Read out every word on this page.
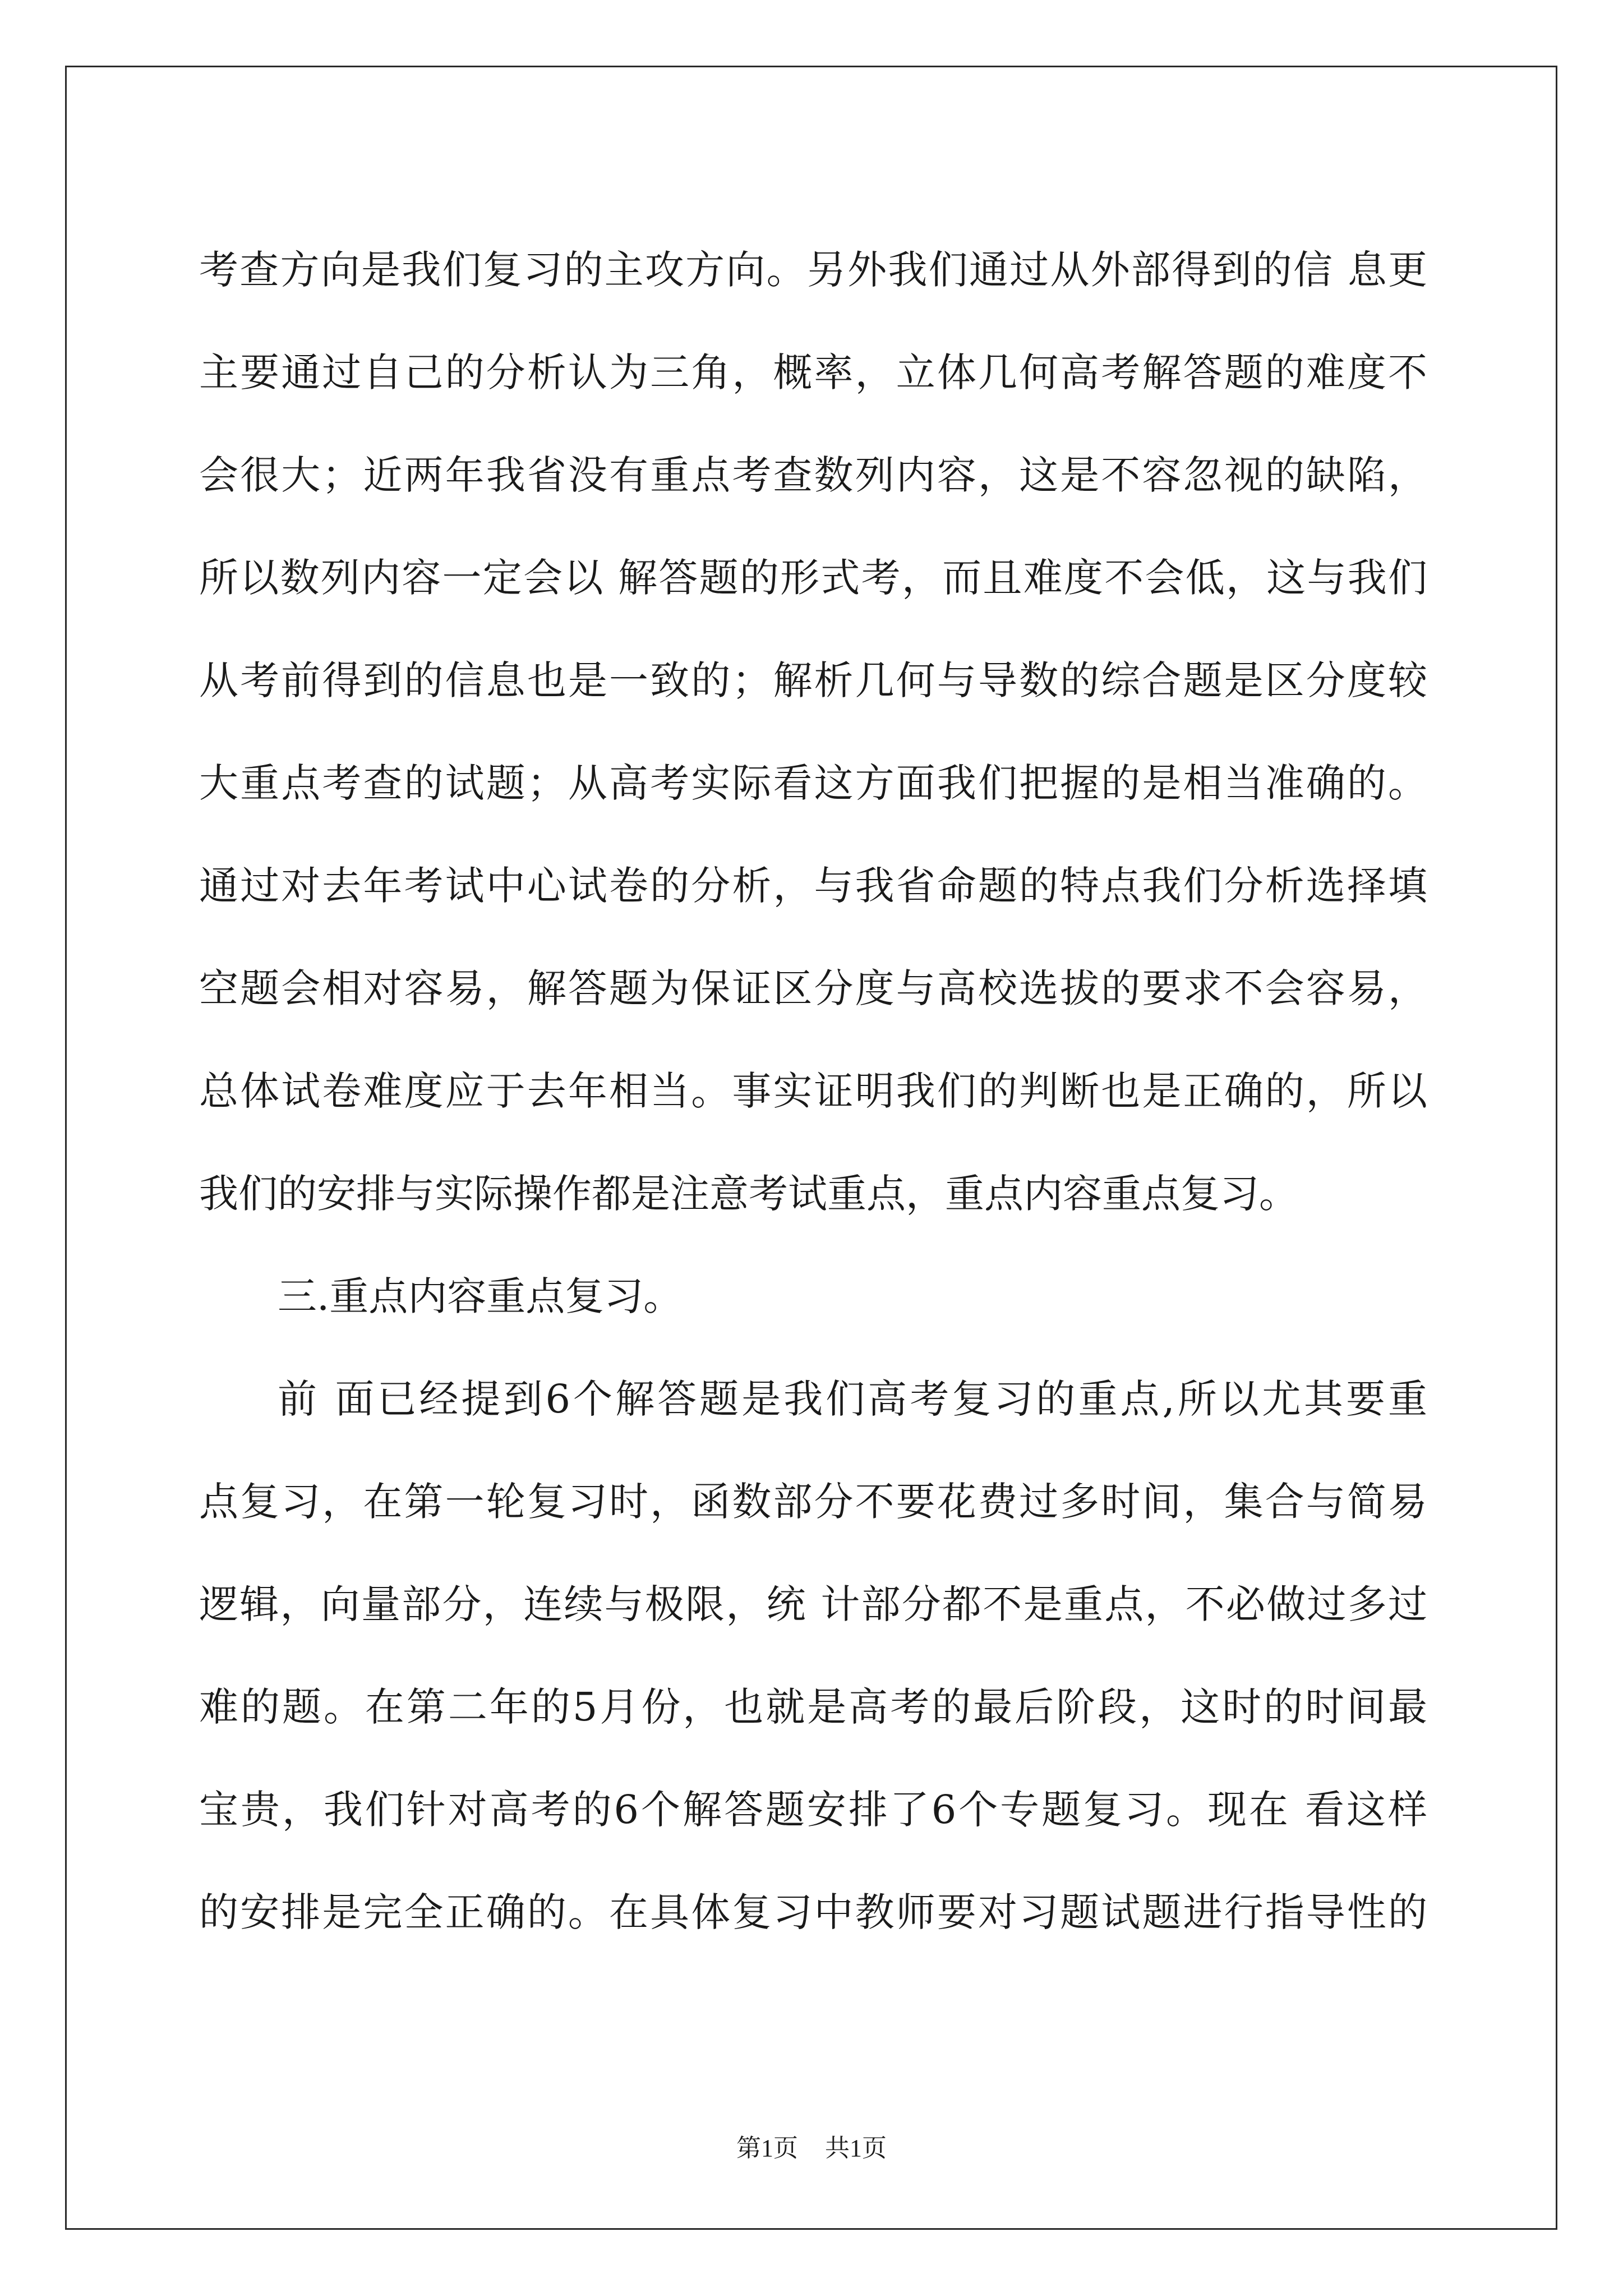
考查方向是我们复习的主攻方向。另外我们通过从外部得到的信 息更
主要通过自己的分析认为三角，概率，立体几何高考解答题的难度不
会很大；近两年我省没有重点考查数列内容，这是不容忽视的缺陷，
所以数列内容一定会以 解答题的形式考，而且难度不会低，这与我们
从考前得到的信息也是一致的；解析几何与导数的综合题是区分度较
大重点考查的试题；从高考实际看这方面我们把握的是相当准确的。
通过对去年考试中心试卷的分析，与我省命题的特点我们分析选择填
空题会相对容易，解答题为保证区分度与高校选拔的要求不会容易，
总体试卷难度应于去年相当。事实证明我们的判断也是正确的，所以
我们的安排与实际操作都是注意考试重点，重点内容重点复习。
三.重点内容重点复习。
前 面已经提到6个解答题是我们高考复习的重点,所以尤其要重
点复习，在第一轮复习时，函数部分不要花费过多时间，集合与简易
逻辑，向量部分，连续与极限，统 计部分都不是重点，不必做过多过
难的题。在第二年的5月份，也就是高考的最后阶段，这时的时间最
宝贵，我们针对高考的6个解答题安排了6个专题复习。现在 看这样
的安排是完全正确的。在具体复习中教师要对习题试题进行指导性的
第1页 共1页
